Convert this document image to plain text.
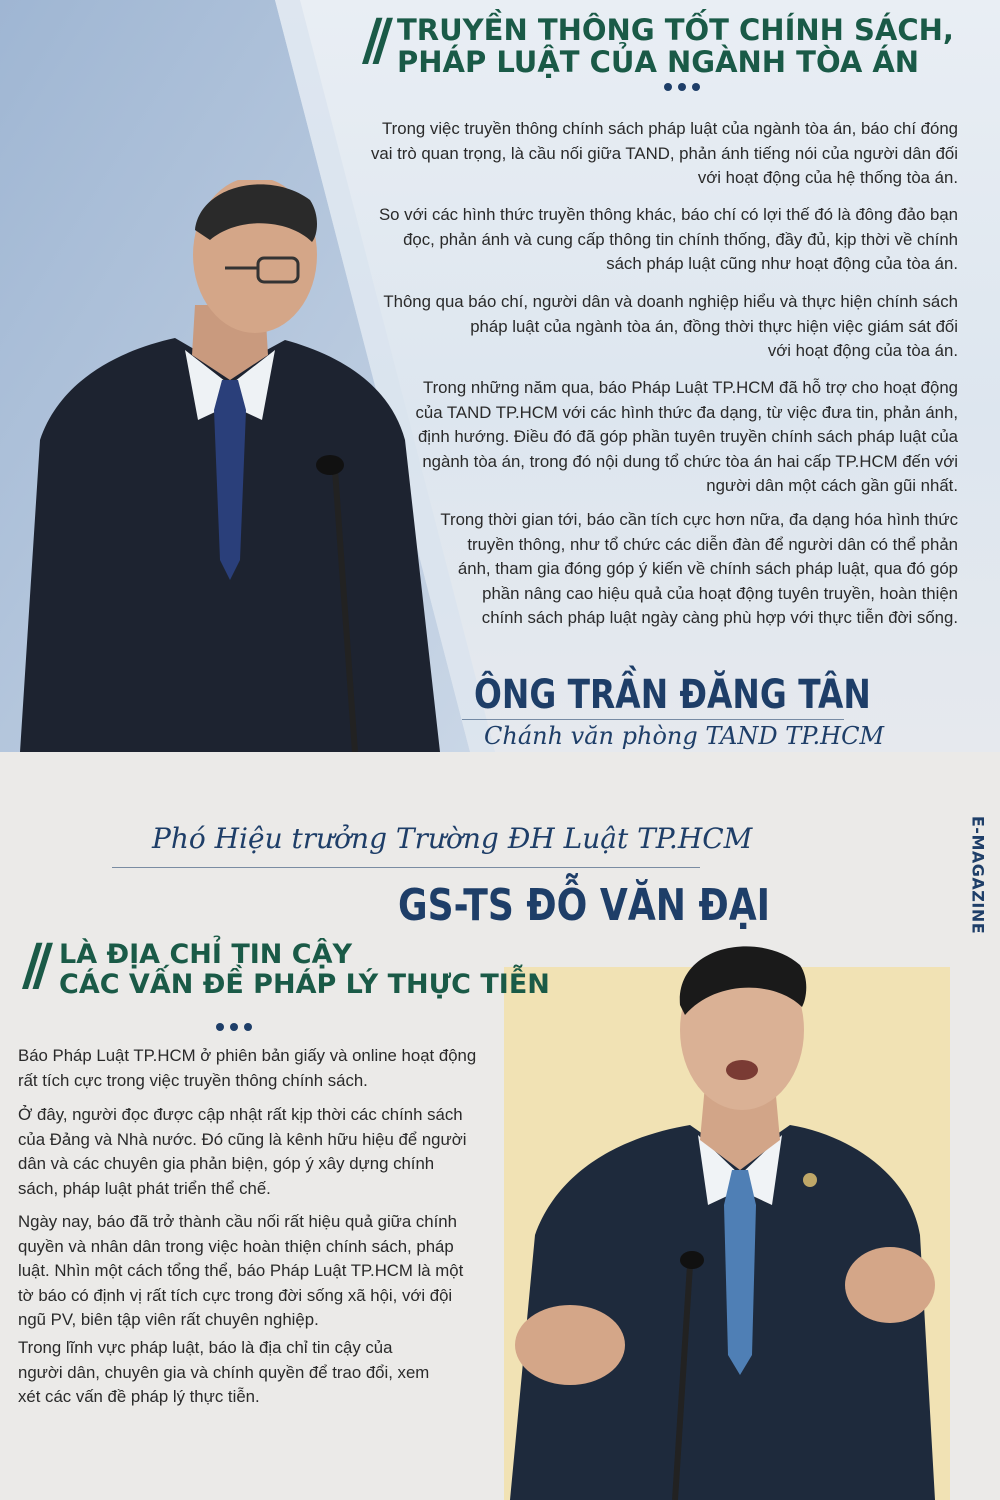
// TRUYỀN THÔNG TỐT CHÍNH SÁCH,
PHÁP LUẬT CỦA NGÀNH TÒA ÁN
Trong việc truyền thông chính sách pháp luật của ngành tòa án, báo chí đóng
vai trò quan trọng, là cầu nối giữa TAND, phản ánh tiếng nói của người dân đối
với hoạt động của hệ thống tòa án.
So với các hình thức truyền thông khác, báo chí có lợi thế đó là đông đảo bạn
đọc, phản ánh và cung cấp thông tin chính thống, đầy đủ, kịp thời về chính
sách pháp luật cũng như hoạt động của tòa án.
Thông qua báo chí, người dân và doanh nghiệp hiểu và thực hiện chính sách
pháp luật của ngành tòa án, đồng thời thực hiện việc giám sát đối
với hoạt động của tòa án.
Trong những năm qua, báo Pháp Luật TP.HCM đã hỗ trợ cho hoạt động
của TAND TP.HCM với các hình thức đa dạng, từ việc đưa tin, phản ánh,
định hướng. Điều đó đã góp phần tuyên truyền chính sách pháp luật của
ngành tòa án, trong đó nội dung tổ chức tòa án hai cấp TP.HCM đến với
người dân một cách gần gũi nhất.
Trong thời gian tới, báo cần tích cực hơn nữa, đa dạng hóa hình thức
truyền thông, như tổ chức các diễn đàn để người dân có thể phản
ánh, tham gia đóng góp ý kiến về chính sách pháp luật, qua đó góp
phần nâng cao hiệu quả của hoạt động tuyên truyền, hoàn thiện
chính sách pháp luật ngày càng phù hợp với thực tiễn đời sống.
ÔNG TRẦN ĐĂNG TÂN
Chánh văn phòng TAND TP.HCM
E-MAGAZINE
Phó Hiệu trưởng Trường ĐH Luật TP.HCM
GS-TS ĐỖ VĂN ĐẠI
// LÀ ĐỊA CHỈ TIN CẬY
CÁC VẤN ĐỀ PHÁP LÝ THỰC TIỄN
Báo Pháp Luật TP.HCM ở phiên bản giấy và online hoạt động
rất tích cực trong việc truyền thông chính sách.
Ở đây, người đọc được cập nhật rất kịp thời các chính sách
của Đảng và Nhà nước. Đó cũng là kênh hữu hiệu để người
dân và các chuyên gia phản biện, góp ý xây dựng chính
sách, pháp luật phát triển thể chế.
Ngày nay, báo đã trở thành cầu nối rất hiệu quả giữa chính
quyền và nhân dân trong việc hoàn thiện chính sách, pháp
luật. Nhìn một cách tổng thể, báo Pháp Luật TP.HCM là một
tờ báo có định vị rất tích cực trong đời sống xã hội, với đội
ngũ PV, biên tập viên rất chuyên nghiệp.
Trong lĩnh vực pháp luật, báo là địa chỉ tin cậy của
người dân, chuyên gia và chính quyền để trao đổi, xem
xét các vấn đề pháp lý thực tiễn.
